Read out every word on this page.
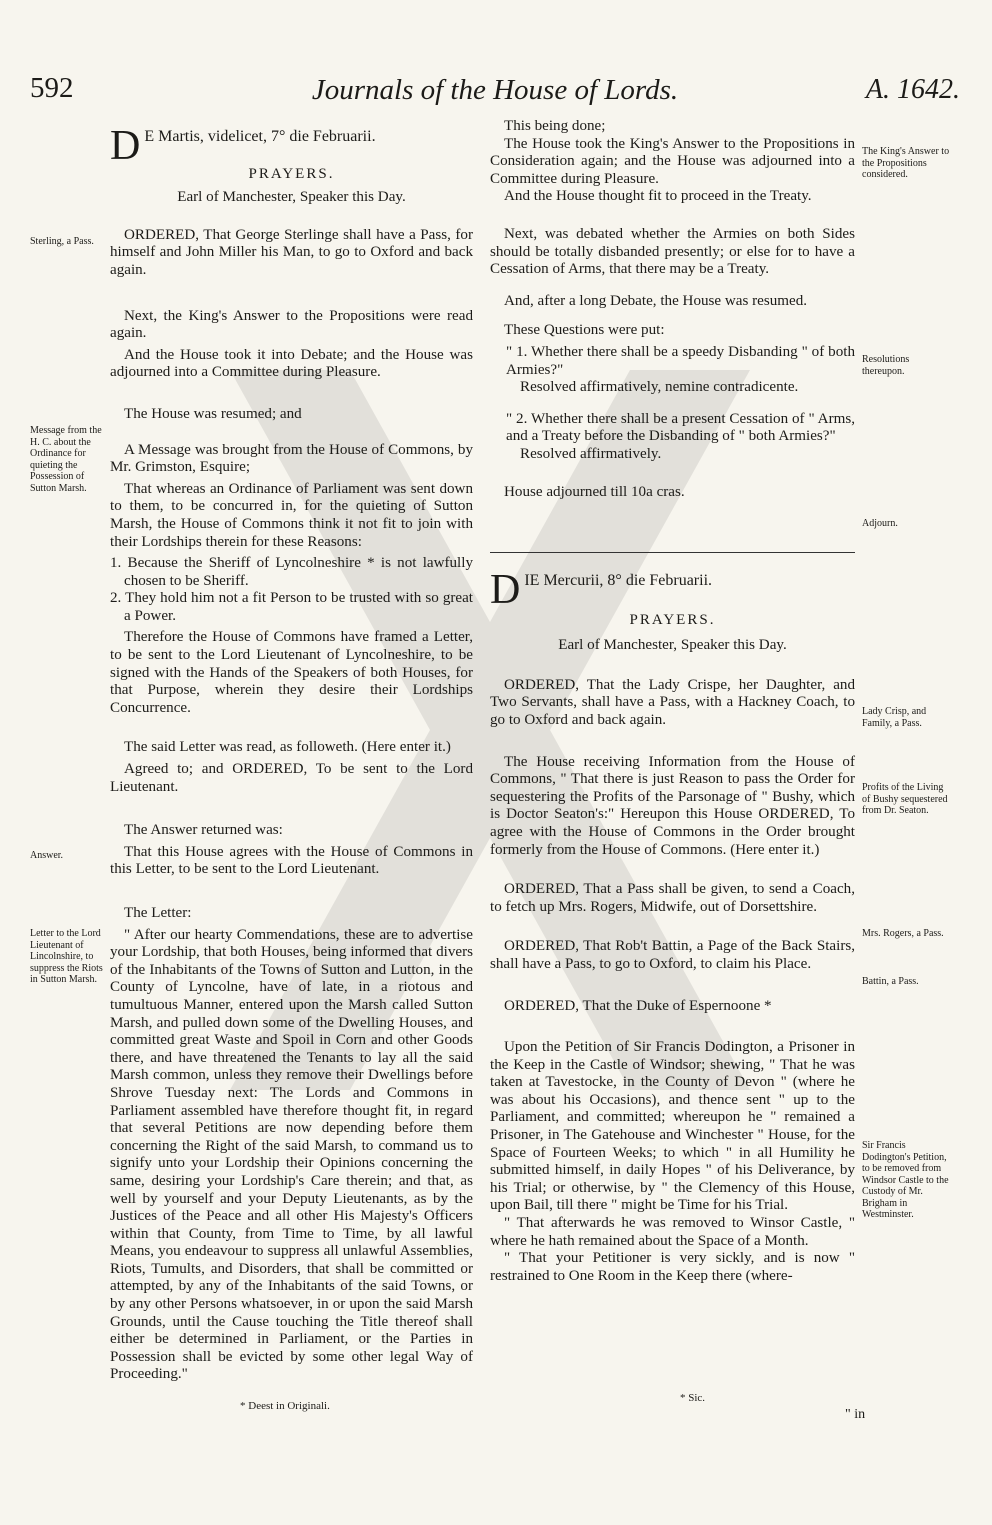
592	Journals of the House of Lords.	A. 1642.

D E Martis, videlicet, 7° die Februarii.

PRAYERS.

Earl of Manchester, Speaker this Day.

ORDERED, That George Sterlinge shall have a Pass, for himself and John Miller his Man, to go to Oxford and back again.

Next, the King's Answer to the Propositions were read again.

And the House took it into Debate; and the House was adjourned into a Committee during Pleasure.

The House was resumed; and

A Message was brought from the House of Commons, by Mr. Grimston, Esquire;

That whereas an Ordinance of Parliament was sent down to them, to be concurred in, for the quieting of Sutton Marsh, the House of Commons think it not fit to join with their Lordships therein for these Reasons:

1. Because the Sheriff of Lyncolneshire * is not lawfully chosen to be Sheriff.

2. They hold him not a fit Person to be trusted with so great a Power.

Therefore the House of Commons have framed a Letter, to be sent to the Lord Lieutenant of Lyncolneshire, to be signed with the Hands of the Speakers of both Houses, for that Purpose, wherein they desire their Lordships Concurrence.

The said Letter was read, as followeth. (Here enter it.)

Agreed to; and ORDERED, To be sent to the Lord Lieutenant.

The Answer returned was:

That this House agrees with the House of Commons in this Letter, to be sent to the Lord Lieutenant.

The Letter:

" After our hearty Commendations, these are to advertise your Lordship, that both Houses, being informed that divers of the Inhabitants of the Towns of Sutton and Lutton, in the County of Lyncolne, have of late, in a riotous and tumultuous Manner, entered upon the Marsh called Sutton Marsh, and pulled down some of the Dwelling Houses, and committed great Waste and Spoil in Corn and other Goods there, and have threatened the Tenants to lay all the said Marsh common, unless they remove their Dwellings before Shrove Tuesday next: The Lords and Commons in Parliament assembled have therefore thought fit, in regard that several Petitions are now depending before them concerning the Right of the said Marsh, to command us to signify unto your Lordship their Opinions concerning the same, desiring your Lordship's Care therein; and that, as well by yourself and your Deputy Lieutenants, as by the Justices of the Peace and all other His Majesty's Officers within that County, from Time to Time, by all lawful Means, you endeavour to suppress all unlawful Assemblies, Riots, Tumults, and Disorders, that shall be committed or attempted, by any of the Inhabitants of the said Towns, or by any other Persons whatsoever, in or upon the said Marsh Grounds, until the Cause touching the Title thereof shall either be determined in Parliament, or the Parties in Possession shall be evicted by some other legal Way of Proceeding."

* Deest in Originali.
Sterling, a Pass.
Message from the H. C. about the Ordinance for quieting the Possession of Sutton Marsh.
Answer.
Letter to the Lord Lieutenant of Lincolnshire, to suppress the Riots in Sutton Marsh.

This being done;

The House took the King's Answer to the Propositions in Consideration again; and the House was adjourned into a Committee during Pleasure.

And the House thought fit to proceed in the Treaty.

Next, was debated whether the Armies on both Sides should be totally disbanded presently; or else for to have a Cessation of Arms, that there may be a Treaty.

And, after a long Debate, the House was resumed.

These Questions were put:

" 1. Whether there shall be a speedy Disbanding " of both Armies?"

Resolved affirmatively, nemine contradicente.

" 2. Whether there shall be a present Cessation of " Arms, and a Treaty before the Disbanding of " both Armies?"

Resolved affirmatively.

House adjourned till 10a cras.

D IE Mercurii, 8° die Februarii.

PRAYERS.

Earl of Manchester, Speaker this Day.

ORDERED, That the Lady Crispe, her Daughter, and Two Servants, shall have a Pass, with a Hackney Coach, to go to Oxford and back again.

The House receiving Information from the House of Commons, " That there is just Reason to pass the Order for sequestering the Profits of the Parsonage of " Bushy, which is Doctor Seaton's:" Hereupon this House ORDERED, To agree with the House of Commons in the Order brought formerly from the House of Commons. (Here enter it.)

ORDERED, That a Pass shall be given, to send a Coach, to fetch up Mrs. Rogers, Midwife, out of Dorsettshire.

ORDERED, That Rob't Battin, a Page of the Back Stairs, shall have a Pass, to go to Oxford, to claim his Place.

ORDERED, That the Duke of Espernoone *

Upon the Petition of Sir Francis Dodington, a Prisoner in the Keep in the Castle of Windsor; shewing, " That he was taken at Tavestocke, in the County of Devon " (where he was about his Occasions), and thence sent " up to the Parliament, and committed; whereupon he " remained a Prisoner, in The Gatehouse and Winchester " House, for the Space of Fourteen Weeks; to which " in all Humility he submitted himself, in daily Hopes " of his Deliverance, by his Trial; or otherwise, by " the Clemency of this House, upon Bail, till there " might be Time for his Trial.

" That afterwards he was removed to Winsor Castle, " where he hath remained about the Space of a Month.

" That your Petitioner is very sickly, and is now " restrained to One Room in the Keep there (where-

* Sic.
" in
The King's Answer to the Propositions considered.
Resolutions thereupon.
Adjourn.
Lady Crisp, and Family, a Pass.
Profits of the Living of Bushy sequestered from Dr. Seaton.
Mrs. Rogers, a Pass.
Battin, a Pass.
Sir Francis Dodington's Petition, to be removed from Windsor Castle to the Custody of Mr. Brigham in Westminster.
